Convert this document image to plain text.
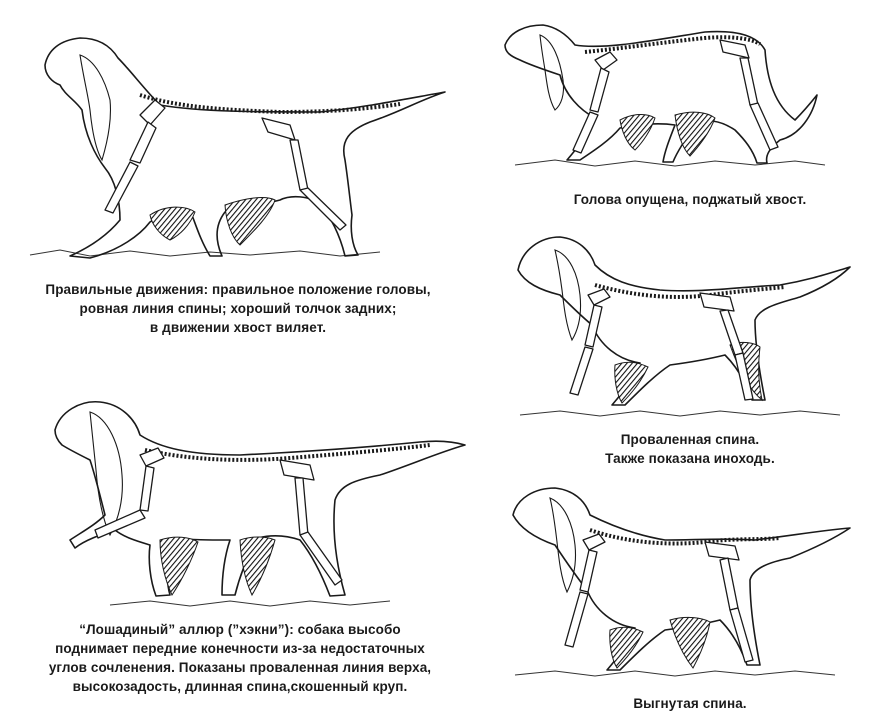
Правильные движения: правильное положение головы,
ровная линия спины; хороший толчок задних;
в движении хвост виляет.
Голова опущена, поджатый хвост.
Провaленная спина.
Также показана иноходь.
“Лошадиный” аллюр (”хэкни”): собака высобо
поднимает передние конечности из-за недостаточных
углов сочленения. Показаны провaленная линия верха,
высокозадость, длинная спина,скошенный круп.
Выгнутая спина.
